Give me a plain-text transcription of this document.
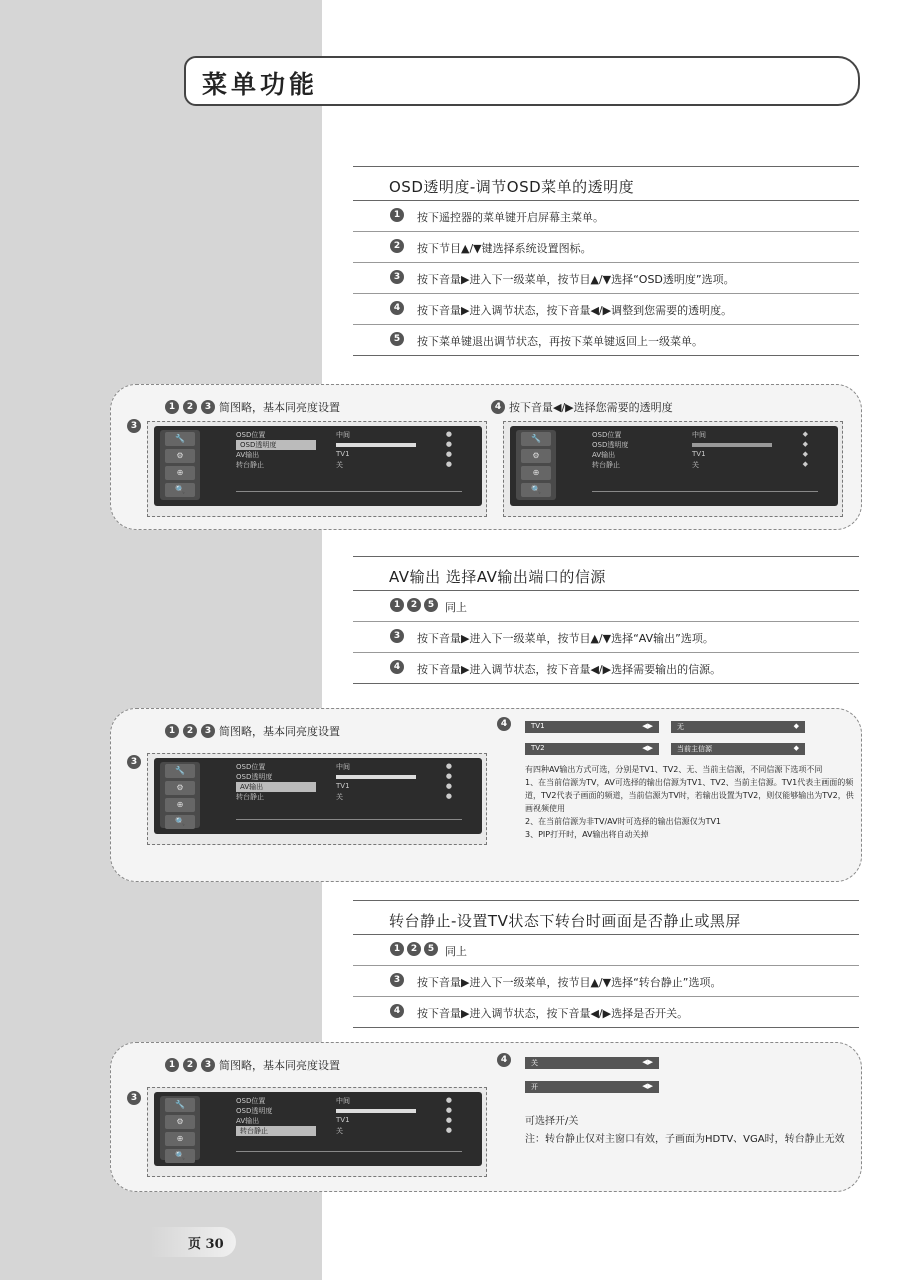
菜单功能
OSD透明度-调节OSD菜单的透明度
1	按下遥控器的菜单键开启屏幕主菜单。
2	按下节目▲/▼键选择系统设置图标。
3	按下音量▶进入下一级菜单，按节目▲/▼选择“OSD透明度”选项。
4	按下音量▶进入调节状态，按下音量◀/▶调整到您需要的透明度。
5	按下菜单键退出调节状态，再按下菜单键返回上一级菜单。
1	2	3 简图略，基本同亮度设置
3
🔧
⚙
⊕
🔍
OSD位置	中间	●
OSD透明度	●
AV输出	TV1	●
转台静止	关	●
4 按下音量◀/▶选择您需要的透明度
🔧
⚙
⊕
🔍
OSD位置	中间	◆
OSD透明度	◆
AV输出	TV1	◆
转台静止	关	◆
AV输出 选择AV输出端口的信源
1	2	5 同上
3	按下音量▶进入下一级菜单，按节目▲/▼选择“AV输出”选项。
4	按下音量▶进入调节状态，按下音量◀/▶选择需要输出的信源。
1	2	3 简图略，基本同亮度设置
3
🔧
⚙
⊕
🔍
OSD位置	中间	●
OSD透明度	●
AV输出	TV1	●
转台静止	关	●
4	TV1	◀▶	无	◆
TV2	◀▶	当前主信源	◆
有四种AV输出方式可选，分别是TV1、TV2、无、当前主信源，不同信源下选项不同
1、在当前信源为TV，AV可选择的输出信源为TV1、TV2、当前主信源。TV1代表主画面的频道，TV2代表子画面的频道，当前信源为TV时，若输出设置为TV2，则仅能够输出为TV2，供画视频使用
2、在当前信源为非TV/AV时可选择的输出信源仅为TV1
3、PIP打开时，AV输出将自动关掉
转台静止-设置TV状态下转台时画面是否静止或黑屏
1	2	5 同上
3	按下音量▶进入下一级菜单，按节目▲/▼选择“转台静止”选项。
4	按下音量▶进入调节状态，按下音量◀/▶选择是否开关。
1	2	3 简图略，基本同亮度设置
3
🔧
⚙
⊕
🔍
OSD位置	中间	●
OSD透明度	●
AV输出	TV1	●
转台静止	关	●
4	关	◀▶
开	◀▶
可选择开/关
注：转台静止仅对主窗口有效，子画面为HDTV、VGA时，转台静止无效
页 30
